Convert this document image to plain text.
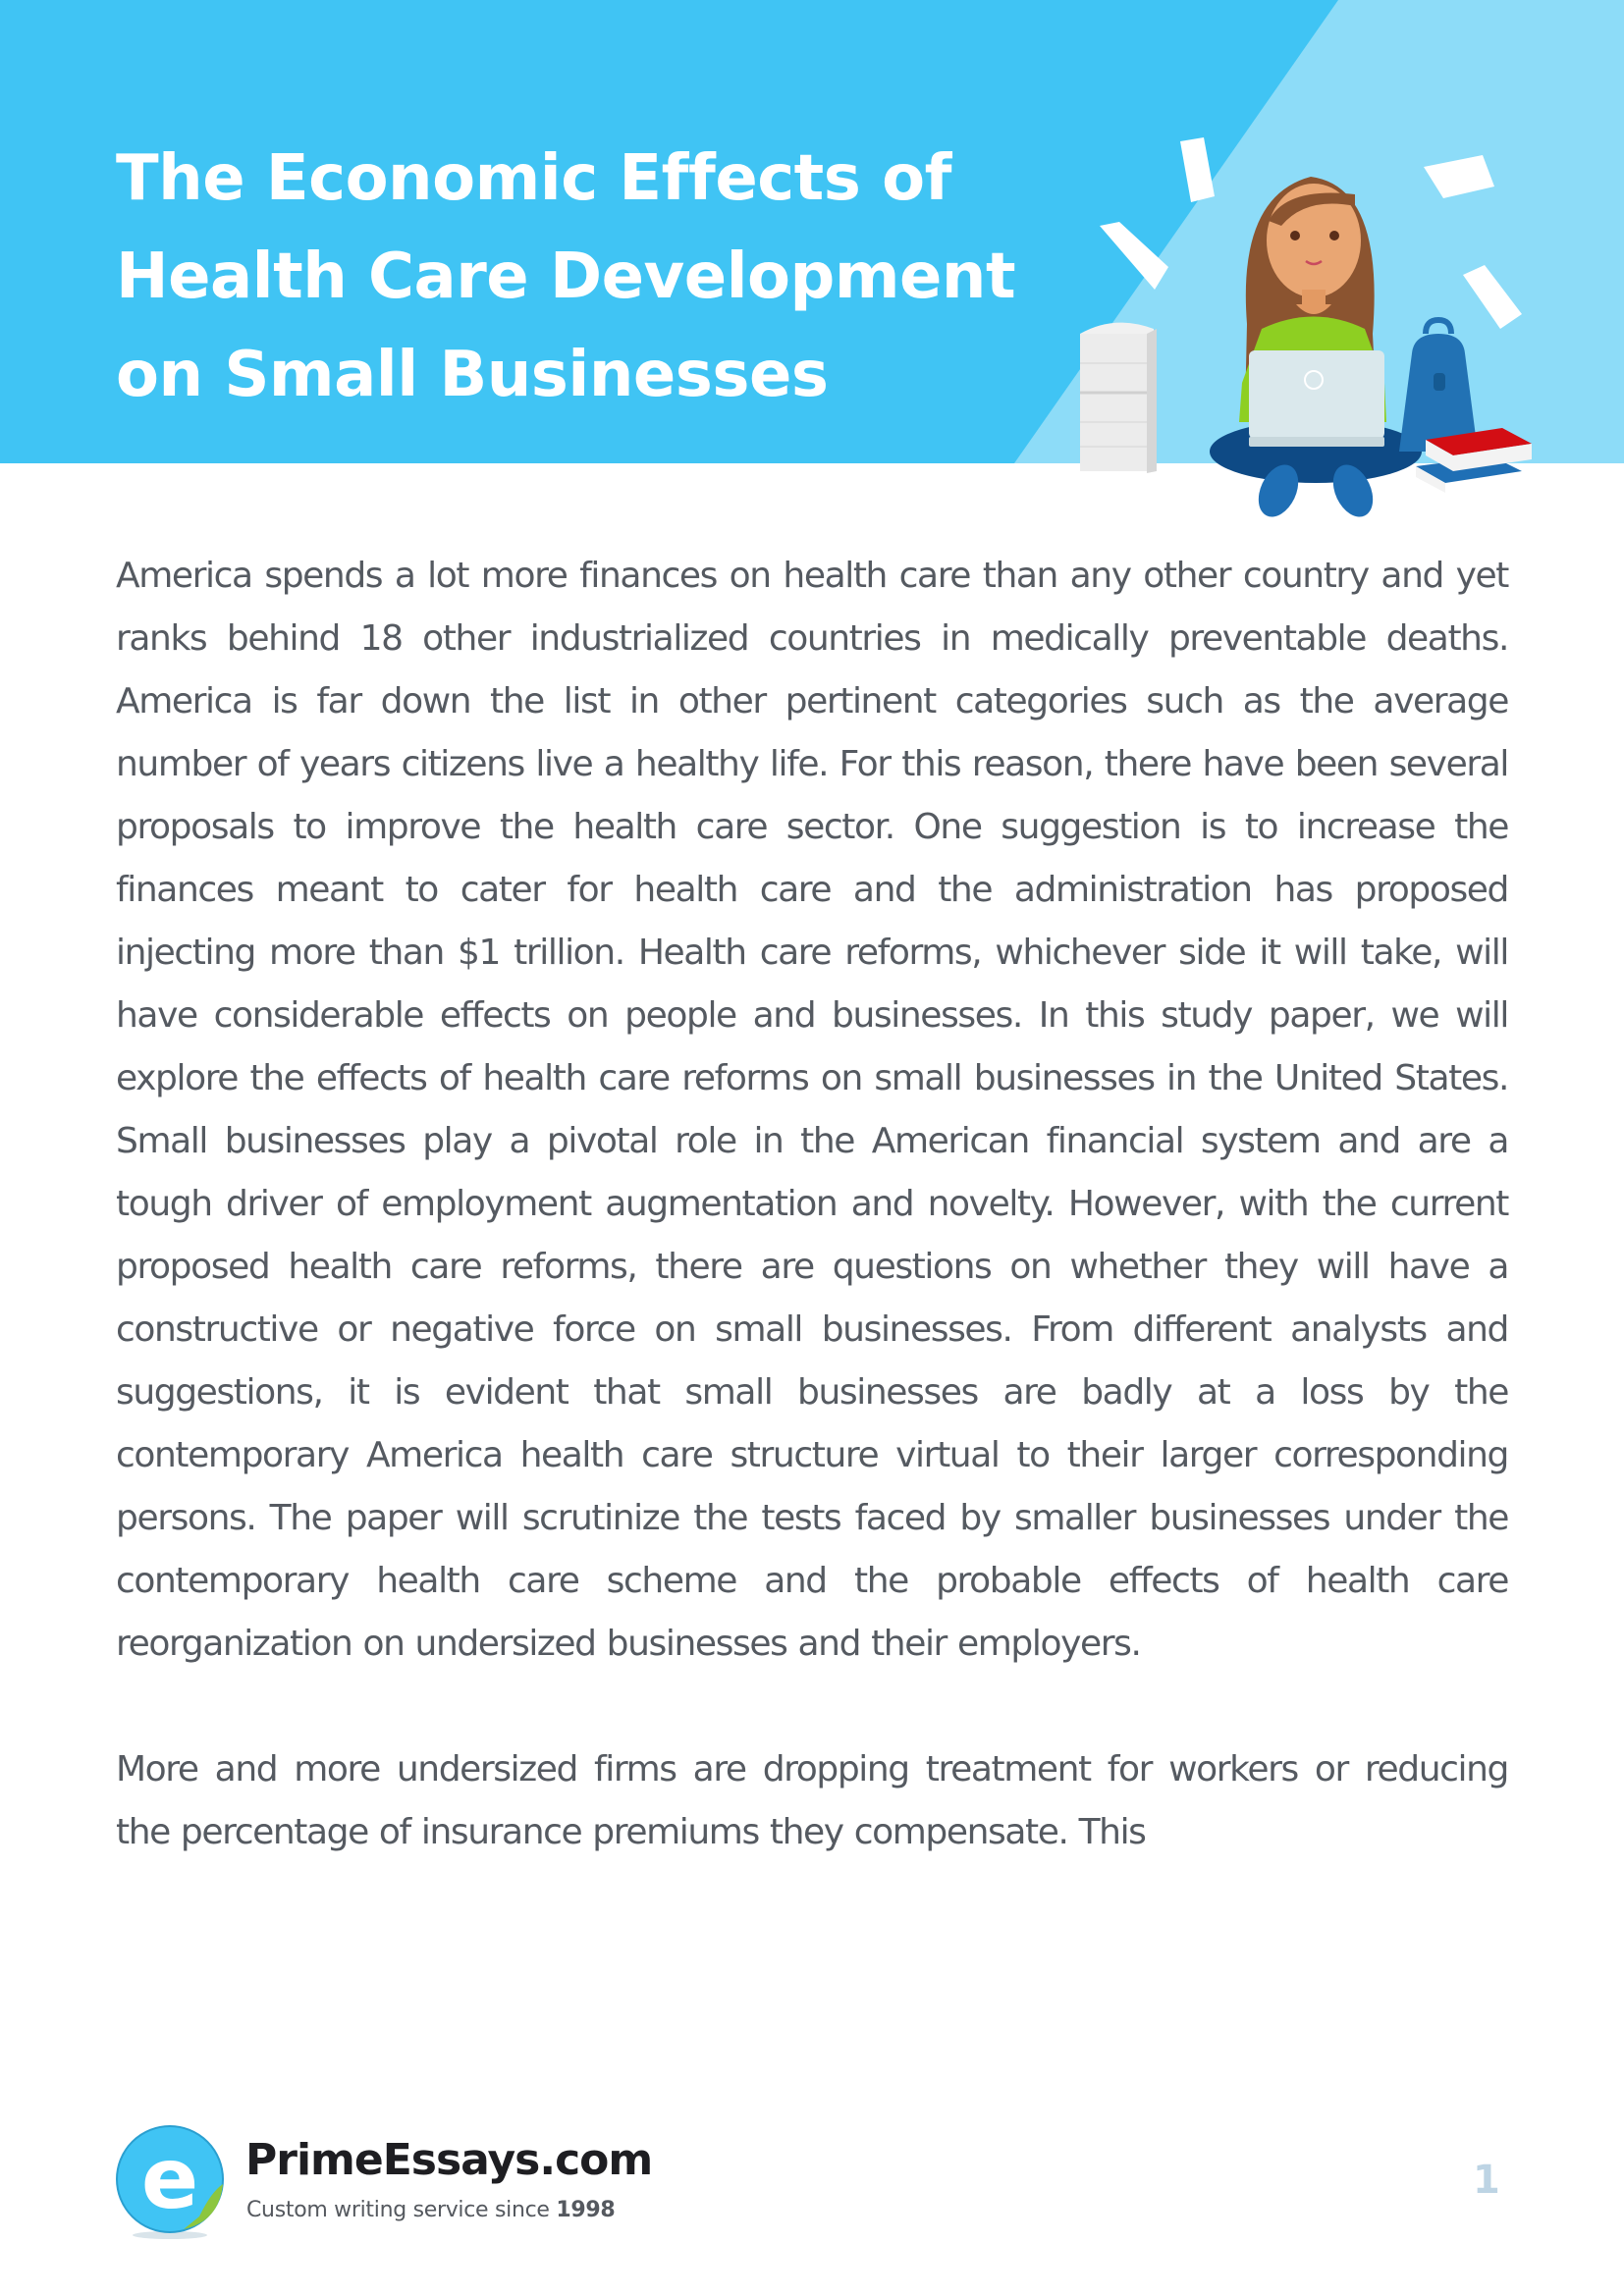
The Economic Effects of
Health Care Development
on Small Businesses

America spends a lot more finances on health care than any other country and yet ranks behind 18 other industrialized countries in medically preventable deaths. America is far down the list in other pertinent categories such as the average number of years citizens live a healthy life. For this reason, there have been several proposals to improve the health care sector. One suggestion is to increase the finances meant to cater for health care and the administration has proposed injecting more than $1 trillion. Health care reforms, whichever side it will take, will have considerable effects on people and businesses. In this study paper, we will explore the effects of health care reforms on small businesses in the United States. Small businesses play a pivotal role in the American financial system and are a tough driver of employment augmentation and novelty. However, with the current proposed health care reforms, there are questions on whether they will have a constructive or negative force on small businesses. From different analysts and suggestions, it is evident that small businesses are badly at a loss by the contemporary America health care structure virtual to their larger corresponding persons. The paper will scrutinize the tests faced by smaller businesses under the contemporary health care scheme and the probable effects of health care reorganization on undersized businesses and their employers.

More and more undersized firms are dropping treatment for workers or reducing the percentage of insurance premiums they compensate. This

e PrimeEssays.com
Custom writing service since 1998
1
